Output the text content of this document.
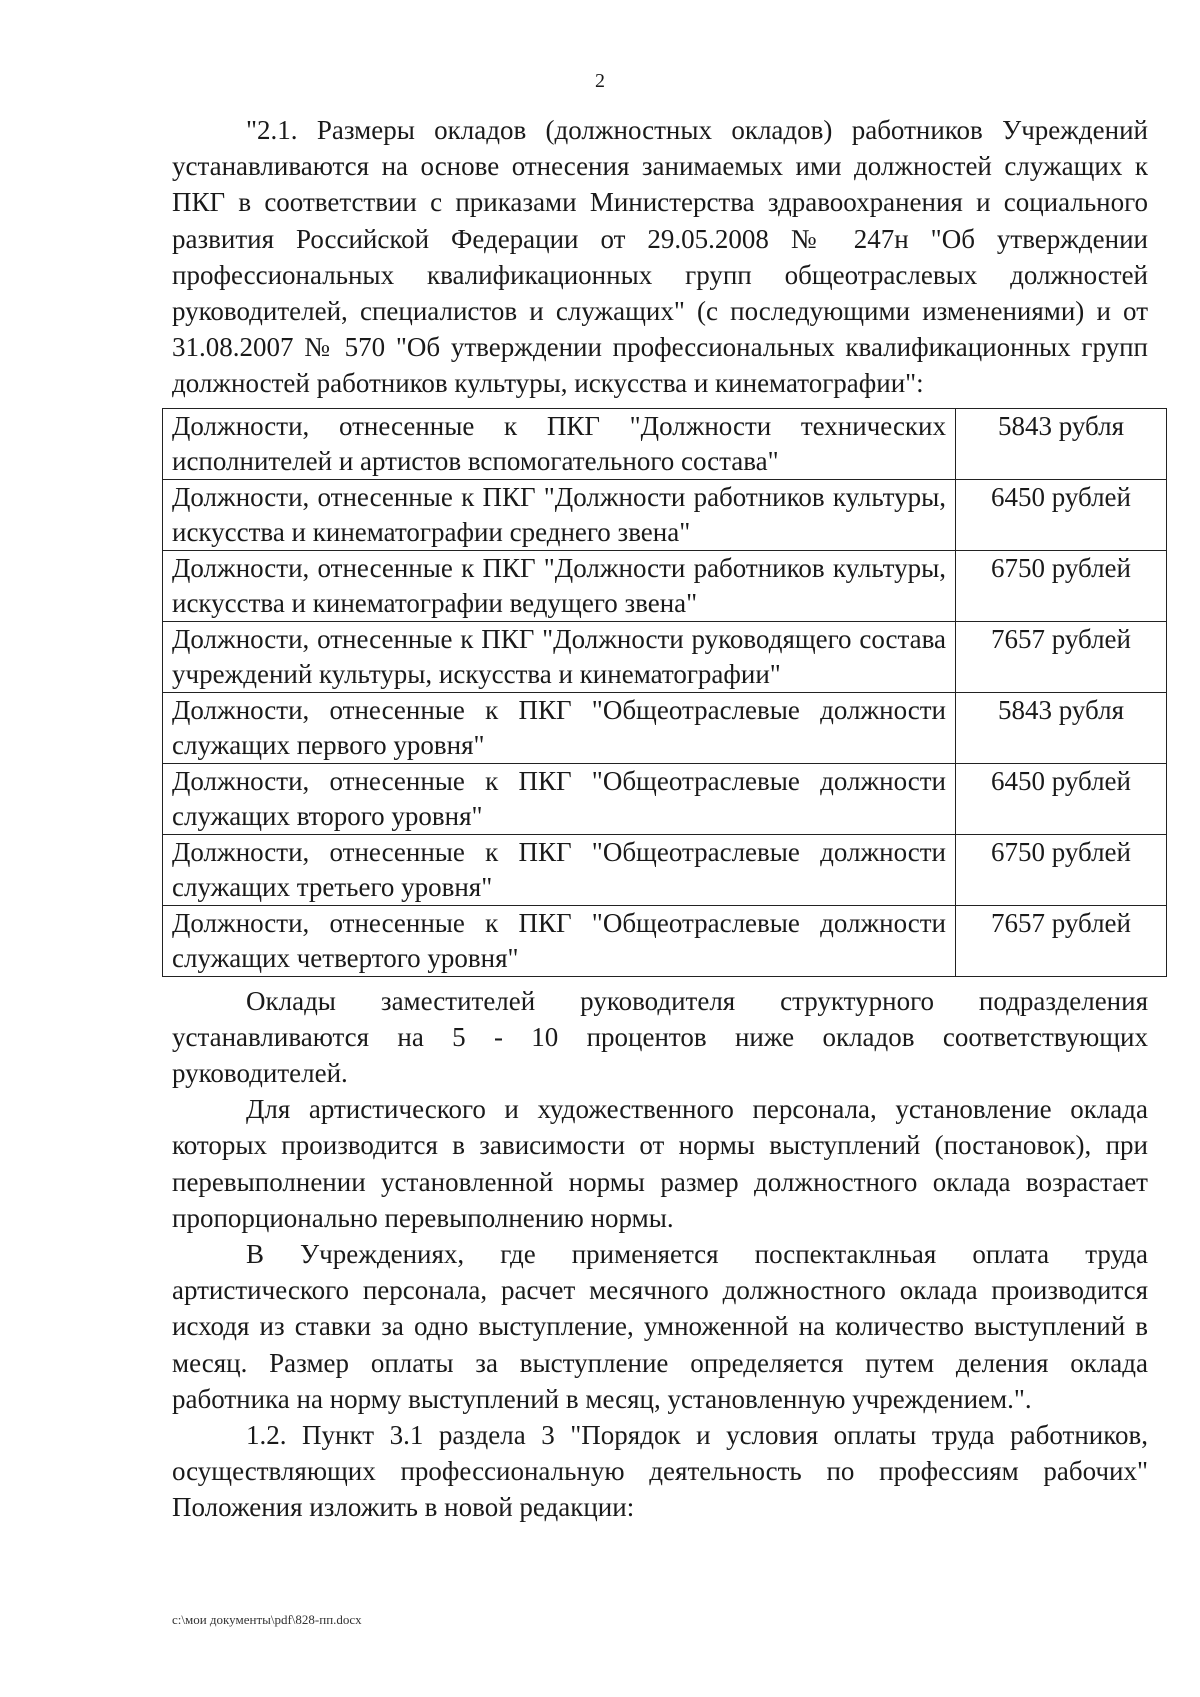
2

"2.1. Размеры окладов (должностных окладов) работников Учреждений устанавливаются на основе отнесения занимаемых ими должностей служащих к ПКГ в соответствии с приказами Министерства здравоохранения и социального развития Российской Федерации от 29.05.2008 № 247н "Об утверждении профессиональных квалификационных групп общеотраслевых должностей руководителей, специалистов и служащих" (с последующими изменениями) и от 31.08.2007 № 570 "Об утверждении профессиональных квалификационных групп должностей работников культуры, искусства и кинематографии":

Должности, отнесенные к ПКГ "Должности технических исполнителей и артистов вспомогательного состава"	5843 рубля
Должности, отнесенные к ПКГ "Должности работников культуры, искусства и кинематографии среднего звена"	6450 рублей
Должности, отнесенные к ПКГ "Должности работников культуры, искусства и кинематографии ведущего звена"	6750 рублей
Должности, отнесенные к ПКГ "Должности руководящего состава учреждений культуры, искусства и кинематографии"	7657 рублей
Должности, отнесенные к ПКГ "Общеотраслевые должности служащих первого уровня"	5843 рубля
Должности, отнесенные к ПКГ "Общеотраслевые должности служащих второго уровня"	6450 рублей
Должности, отнесенные к ПКГ "Общеотраслевые должности служащих третьего уровня"	6750 рублей
Должности, отнесенные к ПКГ "Общеотраслевые должности служащих четвертого уровня"	7657 рублей

Оклады заместителей руководителя структурного подразделения устанавливаются на 5 - 10 процентов ниже окладов соответствующих руководителей.

Для артистического и художественного персонала, установление оклада которых производится в зависимости от нормы выступлений (постановок), при перевыполнении установленной нормы размер должностного оклада возрастает пропорционально перевыполнению нормы.

В Учреждениях, где применяется поспектаклньая оплата труда артистического персонала, расчет месячного должностного оклада производится исходя из ставки за одно выступление, умноженной на количество выступлений в месяц. Размер оплаты за выступление определяется путем деления оклада работника на норму выступлений в месяц, установленную учреждением.".

1.2. Пункт 3.1 раздела 3 "Порядок и условия оплаты труда работников, осуществляющих профессиональную деятельность по профессиям рабочих" Положения изложить в новой редакции:

c:\мои документы\pdf\828-пп.docx
